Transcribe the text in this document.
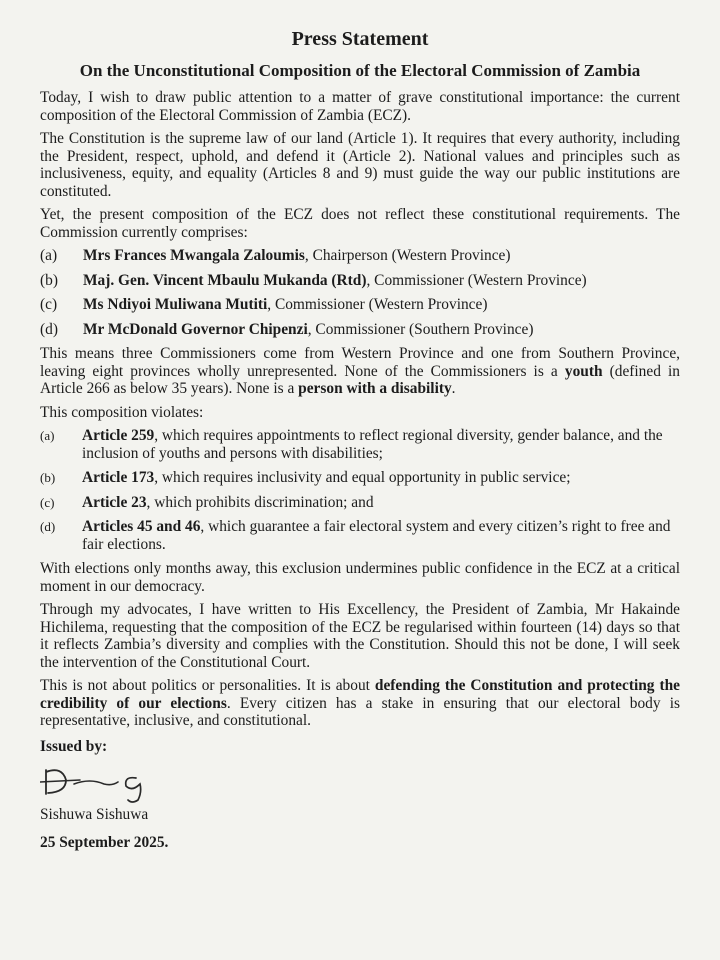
Press Statement
On the Unconstitutional Composition of the Electoral Commission of Zambia

Today, I wish to draw public attention to a matter of grave constitutional importance: the current composition of the Electoral Commission of Zambia (ECZ).

The Constitution is the supreme law of our land (Article 1). It requires that every authority, including the President, respect, uphold, and defend it (Article 2). National values and principles such as inclusiveness, equity, and equality (Articles 8 and 9) must guide the way our public institutions are constituted.

Yet, the present composition of the ECZ does not reflect these constitutional requirements. The Commission currently comprises:

(a)	Mrs Frances Mwangala Zaloumis, Chairperson (Western Province)
(b)	Maj. Gen. Vincent Mbaulu Mukanda (Rtd), Commissioner (Western Province)
(c)	Ms Ndiyoi Muliwana Mutiti, Commissioner (Western Province)
(d)	Mr McDonald Governor Chipenzi, Commissioner (Southern Province)

This means three Commissioners come from Western Province and one from Southern Province, leaving eight provinces wholly unrepresented. None of the Commissioners is a youth (defined in Article 266 as below 35 years). None is a person with a disability.

This composition violates:

(a)	Article 259, which requires appointments to reflect regional diversity, gender balance, and the inclusion of youths and persons with disabilities;
(b)	Article 173, which requires inclusivity and equal opportunity in public service;
(c)	Article 23, which prohibits discrimination; and
(d)	Articles 45 and 46, which guarantee a fair electoral system and every citizen’s right to free and fair elections.

With elections only months away, this exclusion undermines public confidence in the ECZ at a critical moment in our democracy.

Through my advocates, I have written to His Excellency, the President of Zambia, Mr Hakainde Hichilema, requesting that the composition of the ECZ be regularised within fourteen (14) days so that it reflects Zambia’s diversity and complies with the Constitution. Should this not be done, I will seek the intervention of the Constitutional Court.

This is not about politics or personalities. It is about defending the Constitution and protecting the credibility of our elections. Every citizen has a stake in ensuring that our electoral body is representative, inclusive, and constitutional.

Issued by:
Sishuwa Sishuwa
25 September 2025.
